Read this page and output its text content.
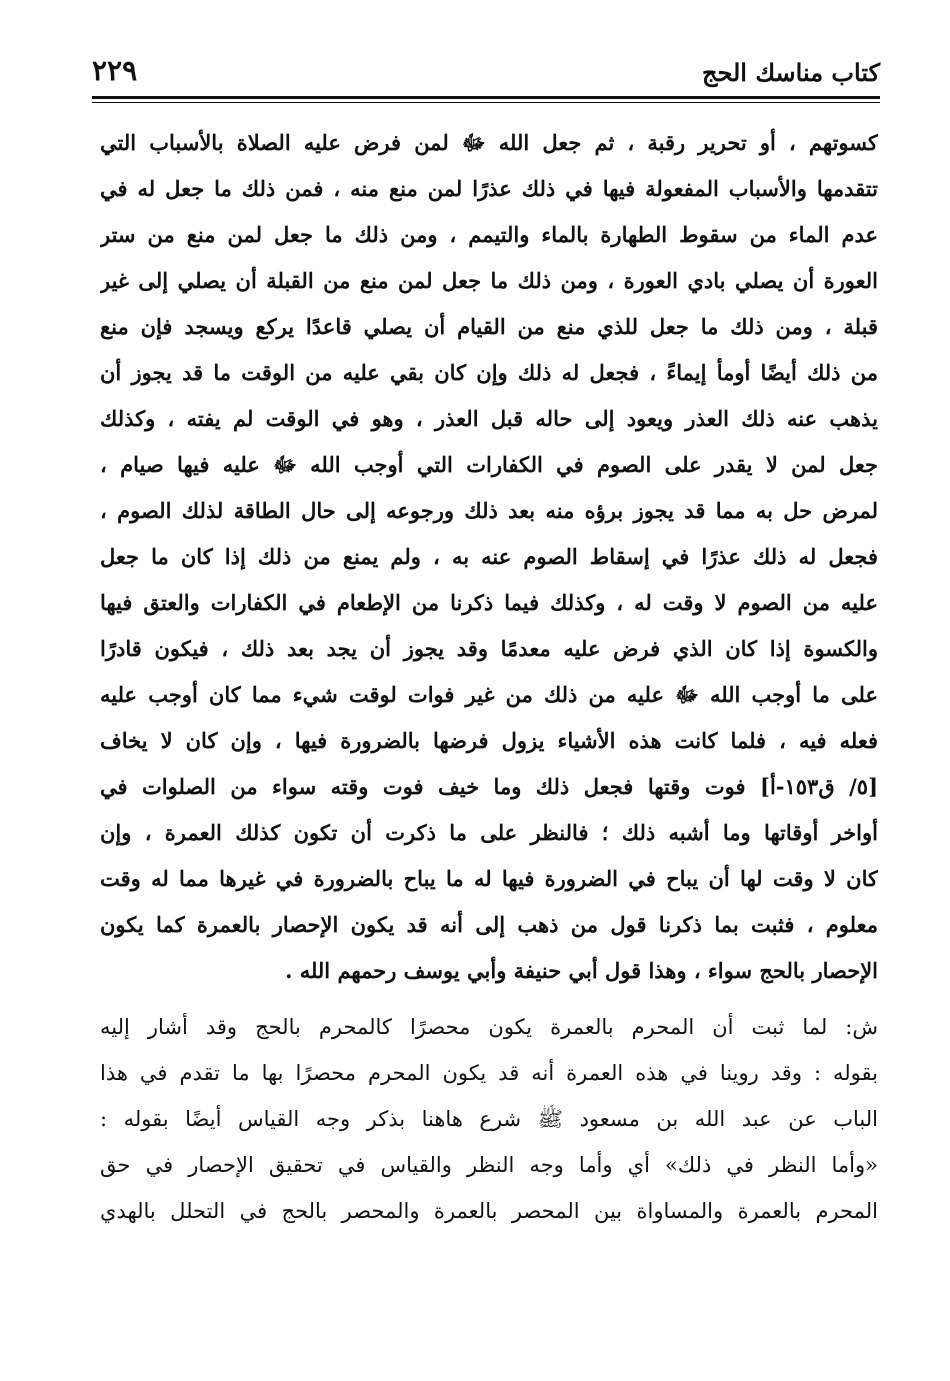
كتاب مناسك الحج
٢٢٩
كسوتهم ، أو تحرير رقبة ، ثم جعل الله ﷻ لمن فرض عليه الصلاة بالأسباب التي
تتقدمها والأسباب المفعولة فيها في ذلك عذرًا لمن منع منه ، فمن ذلك ما جعل له في
عدم الماء من سقوط الطهارة بالماء والتيمم ، ومن ذلك ما جعل لمن منع من ستر
العورة أن يصلي بادي العورة ، ومن ذلك ما جعل لمن منع من القبلة أن يصلي إلى غير
قبلة ، ومن ذلك ما جعل للذي منع من القيام أن يصلي قاعدًا يركع ويسجد فإن منع
من ذلك أيضًا أومأ إيماءً ، فجعل له ذلك وإن كان بقي عليه من الوقت ما قد يجوز أن
يذهب عنه ذلك العذر ويعود إلى حاله قبل العذر ، وهو في الوقت لم يفته ، وكذلك
جعل لمن لا يقدر على الصوم في الكفارات التي أوجب الله ﷻ عليه فيها صيام ،
لمرض حل به مما قد يجوز برؤه منه بعد ذلك ورجوعه إلى حال الطاقة لذلك الصوم ،
فجعل له ذلك عذرًا في إسقاط الصوم عنه به ، ولم يمنع من ذلك إذا كان ما جعل
عليه من الصوم لا وقت له ، وكذلك فيما ذكرنا من الإطعام في الكفارات والعتق فيها
والكسوة إذا كان الذي فرض عليه معدمًا وقد يجوز أن يجد بعد ذلك ، فيكون قادرًا
على ما أوجب الله ﷻ عليه من ذلك من غير فوات لوقت شيء مما كان أوجب عليه
فعله فيه ، فلما كانت هذه الأشياء يزول فرضها بالضرورة فيها ، وإن كان لا يخاف
[٥/ ق١٥٣-أ] فوت وقتها فجعل ذلك وما خيف فوت وقته سواء من الصلوات في
أواخر أوقاتها وما أشبه ذلك ؛ فالنظر على ما ذكرت أن تكون كذلك العمرة ، وإن
كان لا وقت لها أن يباح في الضرورة فيها له ما يباح بالضرورة في غيرها مما له وقت
معلوم ، فثبت بما ذكرنا قول من ذهب إلى أنه قد يكون الإحصار بالعمرة كما يكون
الإحصار بالحج سواء ، وهذا قول أبي حنيفة وأبي يوسف رحمهم الله .
ش: لما ثبت أن المحرم بالعمرة يكون محصرًا كالمحرم بالحج وقد أشار إليه
بقوله : وقد روينا في هذه العمرة أنه قد يكون المحرم محصرًا بها ما تقدم في هذا
الباب عن عبد الله بن مسعود ﷺ شرع هاهنا بذكر وجه القياس أيضًا بقوله :
«وأما النظر في ذلك» أي وأما وجه النظر والقياس في تحقيق الإحصار في حق
المحرم بالعمرة والمساواة بين المحصر بالعمرة والمحصر بالحج في التحلل بالهدي
